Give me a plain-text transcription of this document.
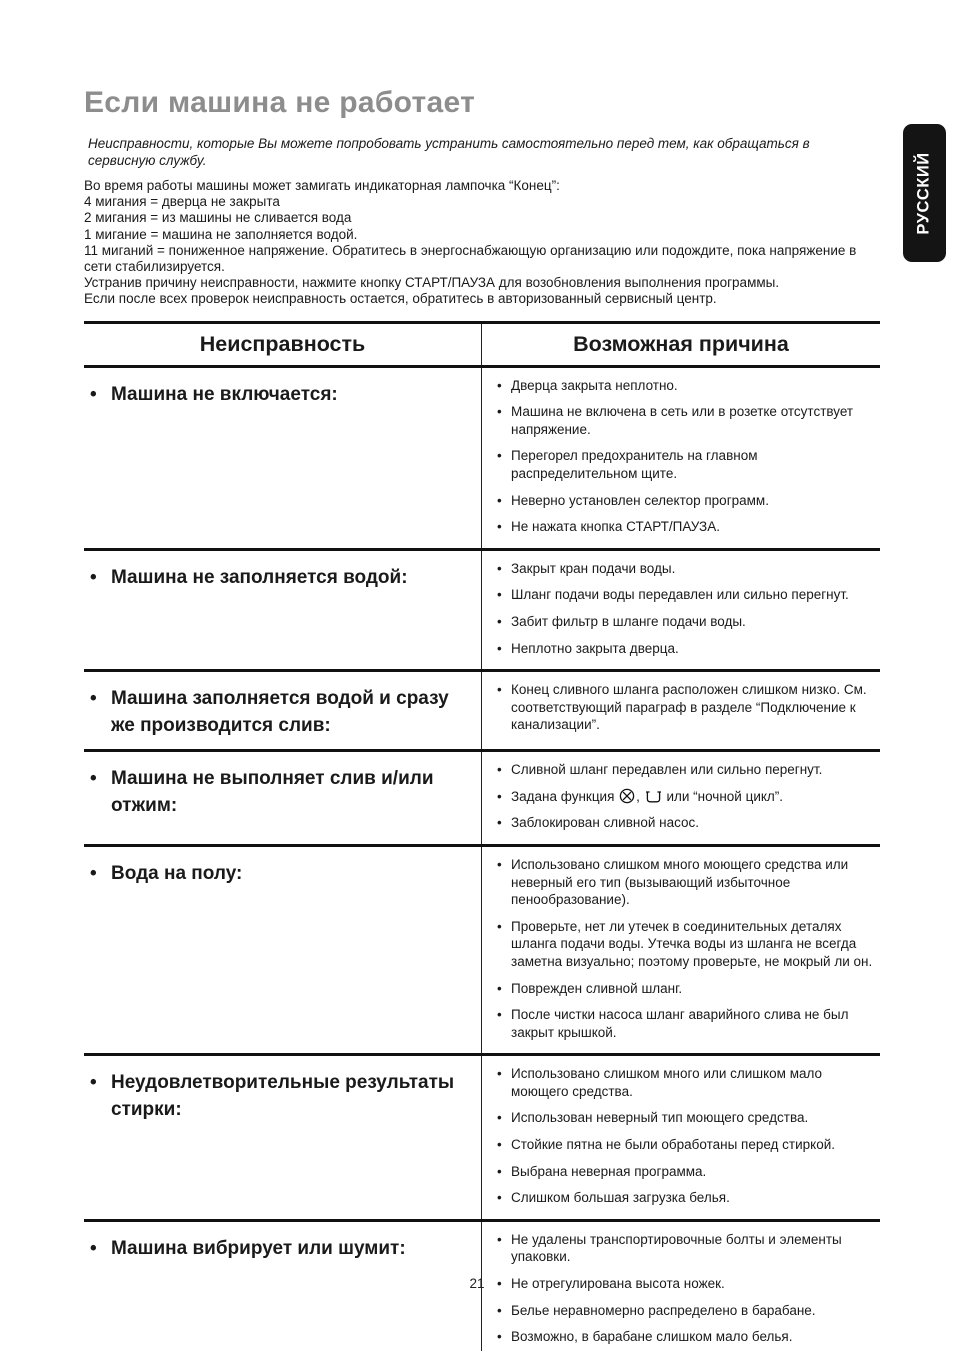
РУССКИЙ
Если машина не работает

Неисправности, которые Вы можете попробовать устранить самостоятельно перед тем, как обращаться в сервисную службу.

Во время работы машины может замигать индикаторная лампочка “Конец”:

4 мигания = дверца не закрыта

2 мигания = из машины не сливается вода

1 мигание = машина не заполняется водой.

11 миганий = пониженное напряжение. Обратитесь в энергоснабжающую организацию или подождите, пока напряжение в сети стабилизируется.

Устранив причину неисправности, нажмите кнопку СТАРТ/ПАУЗА для возобновления выполнения программы.

Если после всех проверок неисправность остается, обратитесь в авторизованный сервисный центр.

Неисправность	Возможная причина
• Машина не включается:	• Дверца закрыта неплотно.
• Машина не включена в сеть или в розетке отсутствует напряжение.
• Перегорел предохранитель на главном распределительном щите.
• Неверно установлен селектор программ.
• Не нажата кнопка СТАРТ/ПАУЗА.
• Машина не заполняется водой:	• Закрыт кран подачи воды.
• Шланг подачи воды передавлен или сильно перегнут.
• Забит фильтр в шланге подачи воды.
• Неплотно закрыта дверца.
• Машина заполняется водой и сразу же производится слив:
• Конец сливного шланга расположен слишком низко. См. соответствующий параграф в разделе “Подключение к канализации”.
• Машина не выполняет слив и/или отжим:
• Сливной шланг передавлен или сильно перегнут.
• Задана функция ,  или “ночной цикл”.
• Заблокирован сливной насос.
• Вода на полу:	• Использовано слишком много моющего средства или неверный его тип (вызывающий избыточное пенообразование).
• Проверьте, нет ли утечек в соединительных деталях шланга подачи воды. Утечка воды из шланга не всегда заметна визуально; поэтому проверьте, не мокрый ли он.
• Поврежден сливной шланг.
• После чистки насоса шланг аварийного слива не был закрыт крышкой.
• Неудовлетворительные результаты стирки:
• Использовано слишком много или слишком мало моющего средства.
• Использован неверный тип моющего средства.
• Стойкие пятна не были обработаны перед стиркой.
• Выбрана неверная программа.
• Слишком большая загрузка белья.
• Машина вибрирует или шумит:	• Не удалены транспортировочные болты и элементы упаковки.
• Не отрегулирована высота ножек.
• Белье неравномерно распределено в барабане.
• Возможно, в барабане слишком мало белья.
21
